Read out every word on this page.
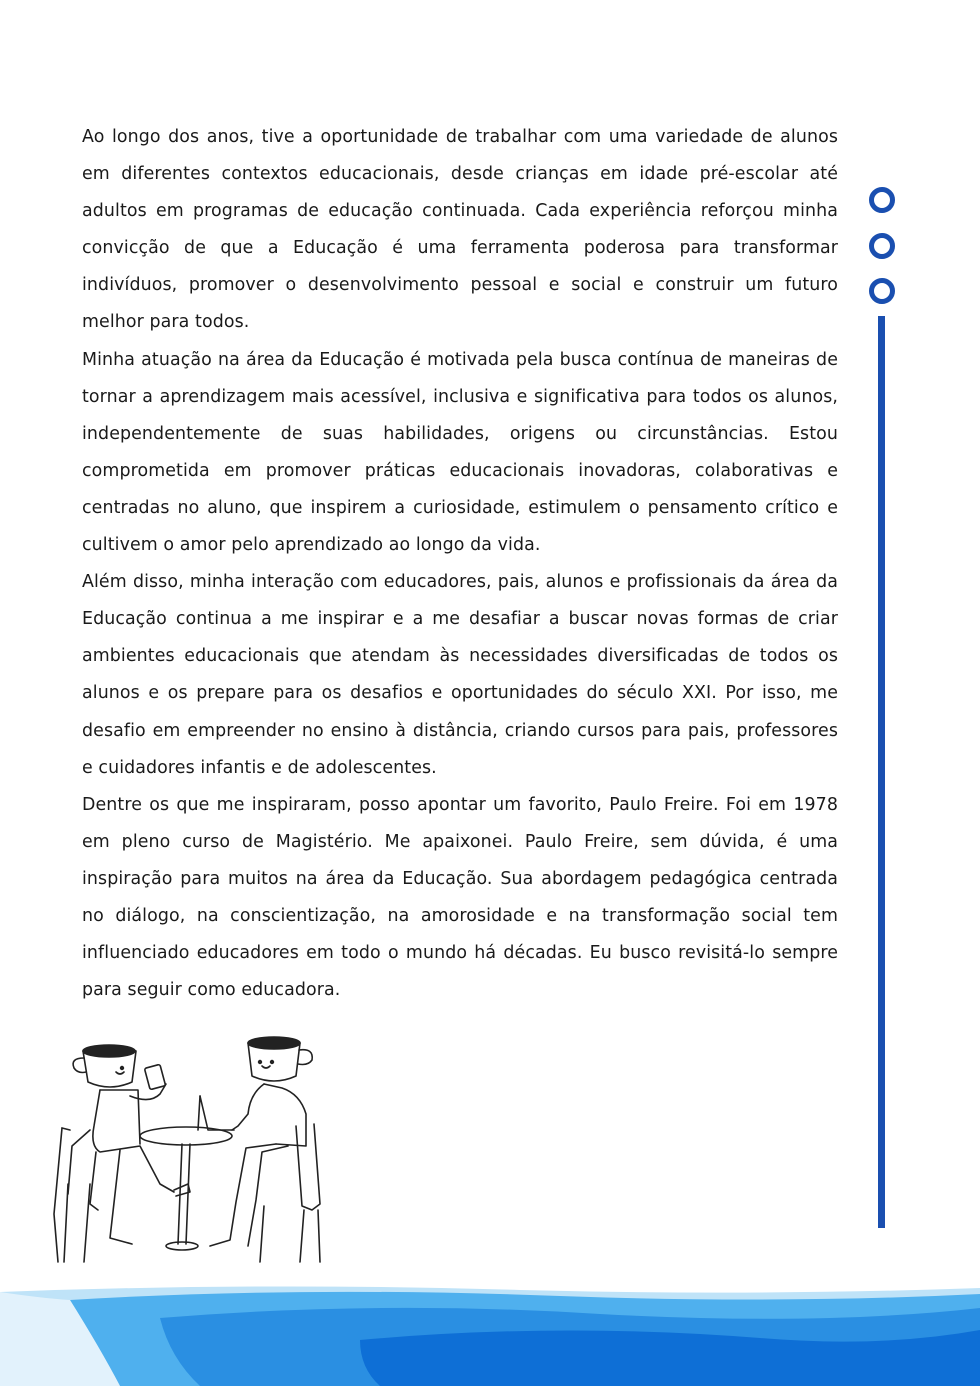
Ao longo dos anos, tive a oportunidade de trabalhar com uma variedade de alunos em diferentes contextos educacionais, desde crianças em idade pré-escolar até adultos em programas de educação continuada. Cada experiência reforçou minha convicção de que a Educação é uma ferramenta poderosa para transformar indivíduos, promover o desenvolvimento pessoal e social e construir um futuro melhor para todos.

Minha atuação na área da Educação é motivada pela busca contínua de maneiras de tornar a aprendizagem mais acessível, inclusiva e significativa para todos os alunos, independentemente de suas habilidades, origens ou circunstâncias. Estou comprometida em promover práticas educacionais inovadoras, colaborativas e centradas no aluno, que inspirem a curiosidade, estimulem o pensamento crítico e cultivem o amor pelo aprendizado ao longo da vida.

Além disso, minha interação com educadores, pais, alunos e profissionais da área da Educação continua a me inspirar e a me desafiar a buscar novas formas de criar ambientes educacionais que atendam às necessidades diversificadas de todos os alunos e os prepare para os desafios e oportunidades do século XXI. Por isso, me desafio em empreender no ensino à distância, criando cursos para pais, professores e cuidadores infantis e de adolescentes.

Dentre os que me inspiraram, posso apontar um favorito, Paulo Freire. Foi em 1978 em pleno curso de Magistério. Me apaixonei. Paulo Freire, sem dúvida, é uma inspiração para muitos na área da Educação. Sua abordagem pedagógica centrada no diálogo, na conscientização, na amorosidade e na transformação social tem influenciado educadores em todo o mundo há décadas. Eu busco revisitá-lo sempre para seguir como educadora.
